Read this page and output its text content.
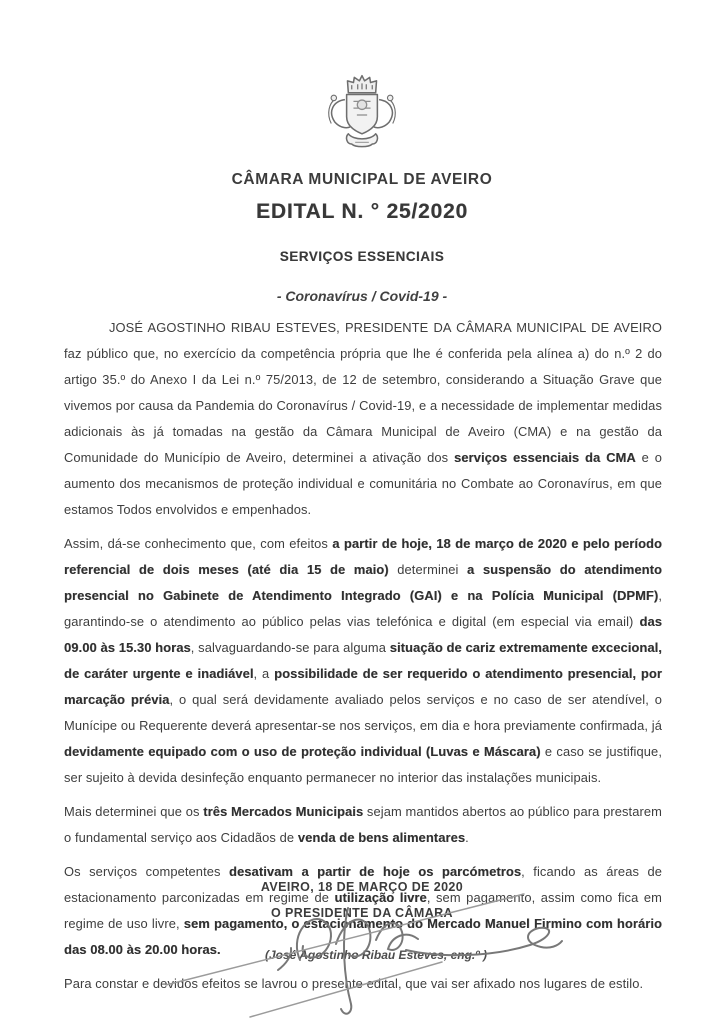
CÂMARA MUNICIPAL DE AVEIRO
EDITAL N. ° 25/2020
SERVIÇOS ESSENCIAIS
- Coronavírus / Covid-19 -

JOSÉ AGOSTINHO RIBAU ESTEVES, PRESIDENTE DA CÂMARA MUNICIPAL DE AVEIRO faz público que, no exercício da competência própria que lhe é conferida pela alínea a) do n.º 2 do artigo 35.º do Anexo I da Lei n.º 75/2013, de 12 de setembro, considerando a Situação Grave que vivemos por causa da Pandemia do Coronavírus / Covid-19, e a necessidade de implementar medidas adicionais às já tomadas na gestão da Câmara Municipal de Aveiro (CMA) e na gestão da Comunidade do Município de Aveiro, determinei a ativação dos serviços essenciais da CMA e o aumento dos mecanismos de proteção individual e comunitária no Combate ao Coronavírus, em que estamos Todos envolvidos e empenhados.

Assim, dá-se conhecimento que, com efeitos a partir de hoje, 18 de março de 2020 e pelo período referencial de dois meses (até dia 15 de maio) determinei a suspensão do atendimento presencial no Gabinete de Atendimento Integrado (GAI) e na Polícia Municipal (DPMF), garantindo-se o atendimento ao público pelas vias telefónica e digital (em especial via email) das 09.00 às 15.30 horas, salvaguardando-se para alguma situação de cariz extremamente excecional, de caráter urgente e inadiável, a possibilidade de ser requerido o atendimento presencial, por marcação prévia, o qual será devidamente avaliado pelos serviços e no caso de ser atendível, o Munícipe ou Requerente deverá apresentar-se nos serviços, em dia e hora previamente confirmada, já devidamente equipado com o uso de proteção individual (Luvas e Máscara) e caso se justifique, ser sujeito à devida desinfeção enquanto permanecer no interior das instalações municipais.

Mais determinei que os três Mercados Municipais sejam mantidos abertos ao público para prestarem o fundamental serviço aos Cidadãos de venda de bens alimentares.

Os serviços competentes desativam a partir de hoje os parcómetros, ficando as áreas de estacionamento parconizadas em regime de utilização livre, sem pagamento, assim como fica em regime de uso livre, sem pagamento, o estacionamento do Mercado Manuel Firmino com horário das 08.00 às 20.00 horas.

Para constar e devidos efeitos se lavrou o presente edital, que vai ser afixado nos lugares de estilo.

AVEIRO, 18 DE MARÇO DE 2020
O PRESIDENTE DA CÂMARA
(José Agostinho Ribau Esteves, eng.º )
